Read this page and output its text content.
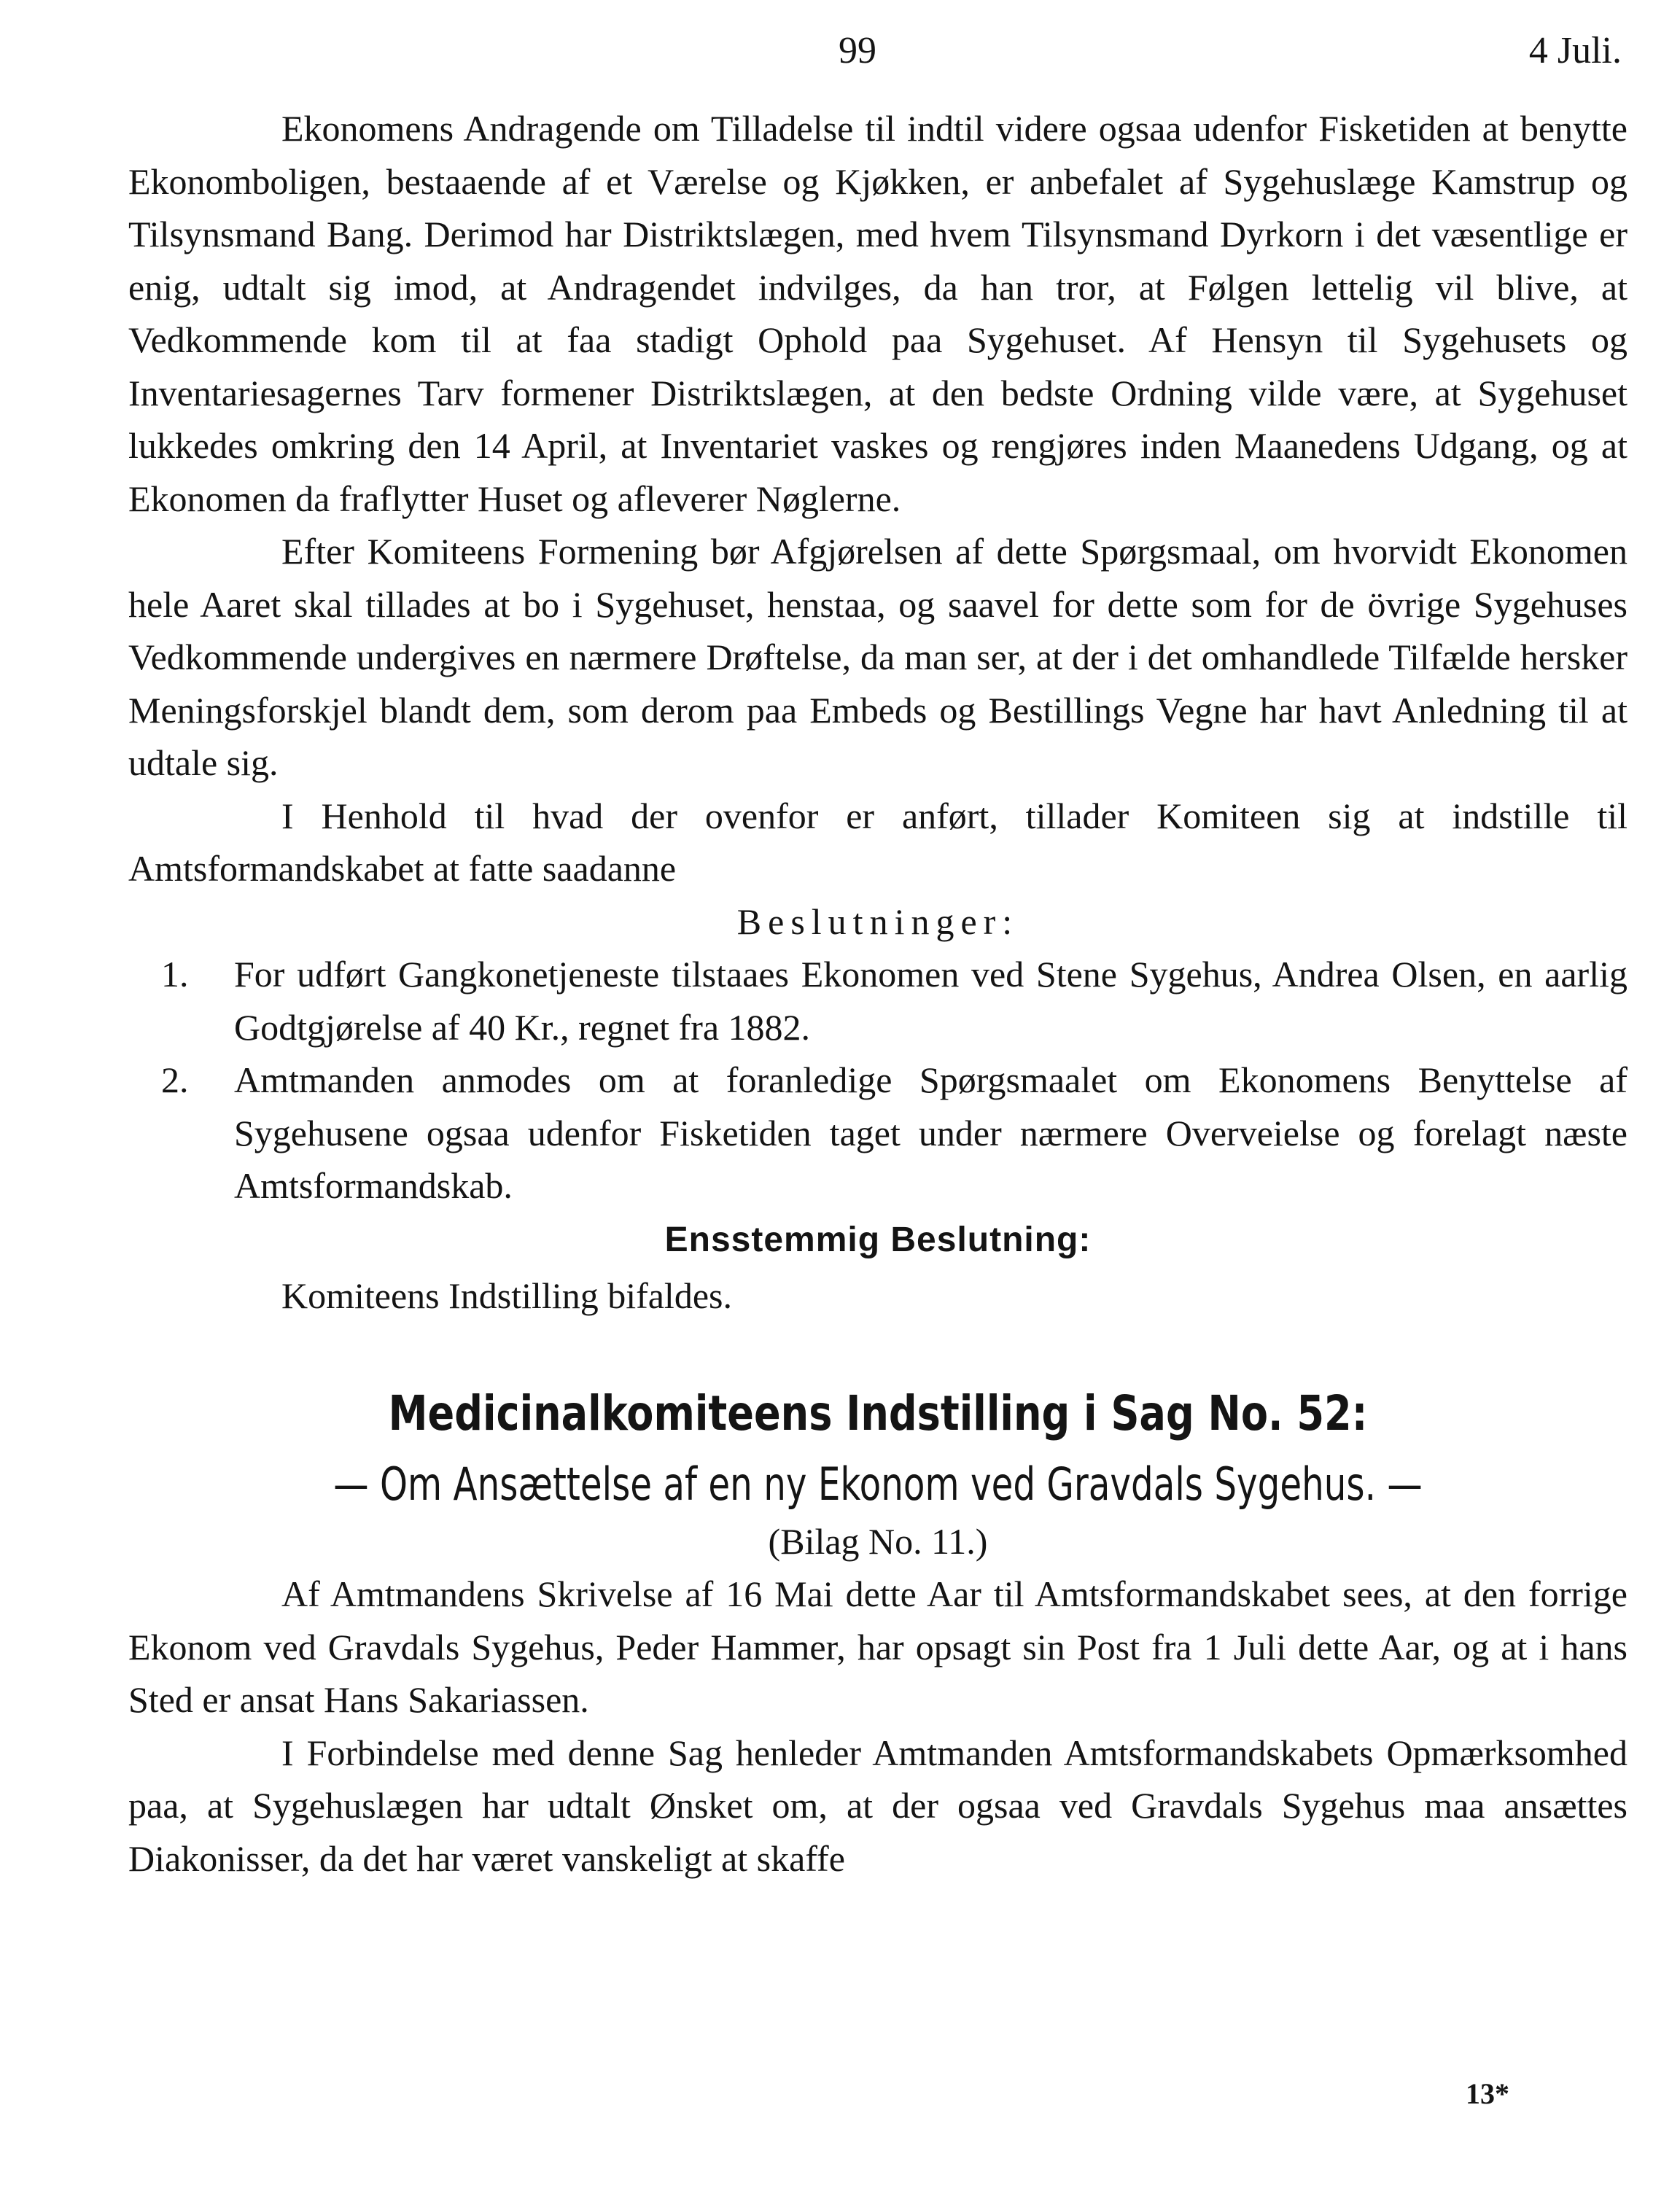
99	4 Juli.

Ekonomens Andragende om Tilladelse til indtil videre ogsaa udenfor Fisketiden at benytte Ekonomboligen, bestaaende af et Værelse og Kjøkken, er anbefalet af Sygehuslæge Kamstrup og Tilsynsmand Bang. Derimod har Distriktslægen, med hvem Tilsynsmand Dyrkorn i det væsentlige er enig, udtalt sig imod, at Andragendet indvilges, da han tror, at Følgen lettelig vil blive, at Vedkommende kom til at faa stadigt Ophold paa Sygehuset. Af Hensyn til Sygehusets og Inventariesagernes Tarv formener Distriktslægen, at den bedste Ordning vilde være, at Sygehuset lukkedes omkring den 14 April, at Inventariet vaskes og rengjøres inden Maanedens Udgang, og at Ekonomen da fraflytter Huset og afleverer Nøglerne.

Efter Komiteens Formening bør Afgjørelsen af dette Spørgsmaal, om hvorvidt Ekonomen hele Aaret skal tillades at bo i Sygehuset, henstaa, og saavel for dette som for de övrige Sygehuses Vedkommende undergives en nærmere Drøftelse, da man ser, at der i det omhandlede Tilfælde hersker Meningsforskjel blandt dem, som derom paa Embeds og Bestillings Vegne har havt Anledning til at udtale sig.

I Henhold til hvad der ovenfor er anført, tillader Komiteen sig at indstille til Amtsformandskabet at fatte saadanne

Beslutninger:

1. For udført Gangkonetjeneste tilstaaes Ekonomen ved Stene Sygehus, Andrea Olsen, en aarlig Godtgjørelse af 40 Kr., regnet fra 1882.
2. Amtmanden anmodes om at foranledige Spørgsmaalet om Ekonomens Benyttelse af Sygehusene ogsaa udenfor Fisketiden taget under nærmere Overveielse og forelagt næste Amtsformandskab.

Ensstemmig Beslutning:

Komiteens Indstilling bifaldes.

Medicinalkomiteens Indstilling i Sag No. 52:

— Om Ansættelse af en ny Ekonom ved Gravdals Sygehus. —

(Bilag No. 11.)

Af Amtmandens Skrivelse af 16 Mai dette Aar til Amtsformandskabet sees, at den forrige Ekonom ved Gravdals Sygehus, Peder Hammer, har opsagt sin Post fra 1 Juli dette Aar, og at i hans Sted er ansat Hans Sakariassen.

I Forbindelse med denne Sag henleder Amtmanden Amtsformandskabets Opmærksomhed paa, at Sygehuslægen har udtalt Ønsket om, at der ogsaa ved Gravdals Sygehus maa ansættes Diakonisser, da det har været vanskeligt at skaffe

13*
